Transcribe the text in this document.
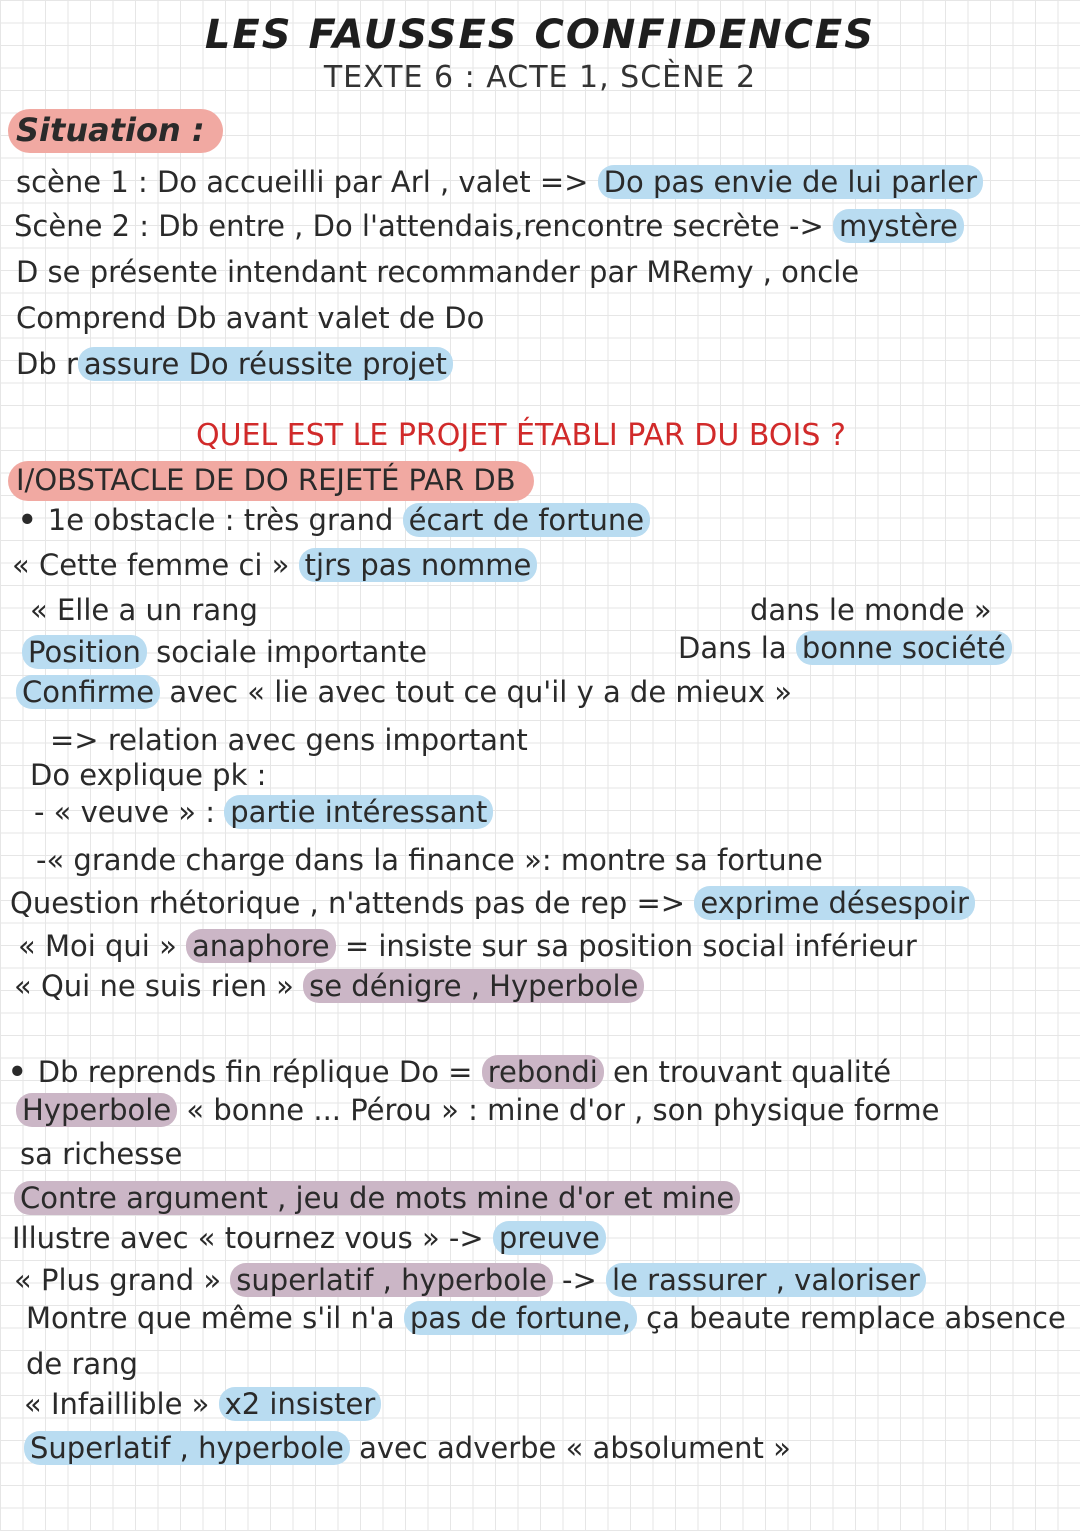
LES FAUSSES CONFIDENCES
TEXTE 6 : ACTE 1, SCÈNE 2
Situation :
scène 1 : Do accueilli par Arl , valet => Do pas envie de lui parler
Scène 2 : Db entre , Do l'attendais,rencontre secrète -> mystère
D se présente intendant recommander par MRemy , oncle
Comprend Db avant valet de Do
Db r assure Do réussite projet
QUEL EST LE PROJET ÉTABLI PAR DU BOIS ?
I/OBSTACLE DE DO REJETÉ PAR DB
• 1e obstacle : très grand écart de fortune
« Cette femme ci » tjrs pas nomme
« Elle a un rang	dans le monde »
Position sociale importante	Dans la bonne société
Confirme avec « lie avec tout ce qu'il y a de mieux »
=> relation avec gens important
Do explique pk :
- « veuve » : partie intéressant
-« grande charge dans la finance »: montre sa fortune
Question rhétorique , n'attends pas de rep => exprime désespoir
« Moi qui » anaphore = insiste sur sa position social inférieur
« Qui ne suis rien » se dénigre , Hyperbole
• Db reprends fin réplique Do = rebondi en trouvant qualité
Hyperbole « bonne ... Pérou » : mine d'or , son physique forme
sa richesse
Contre argument , jeu de mots mine d'or et mine
Illustre avec « tournez vous » -> preuve
« Plus grand » superlatif , hyperbole -> le rassurer , valoriser
Montre que même s'il n'a pas de fortune, ça beaute remplace absence
de rang
« Infaillible » x2 insister
Superlatif , hyperbole avec adverbe « absolument »
